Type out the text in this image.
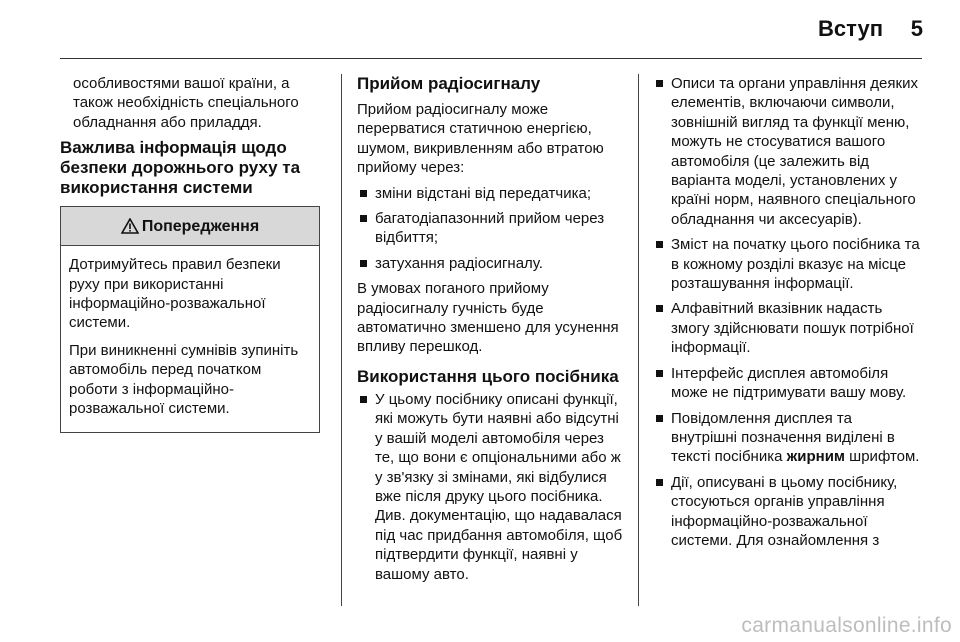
Вступ 5

особливостями вашої країни, а також необхідність спеціального обладнання або приладдя.

Важлива інформація щодо безпеки дорожнього руху та використання системи
Попередження

Дотримуйтесь правил безпеки руху при використанні інформаційно-розважальної системи.

При виникненні сумнівів зупиніть автомобіль перед початком роботи з інформаційно-розважальної системи.

Прийом радіосигналу

Прийом радіосигналу може перерватися статичною енергією, шумом, викривленням або втратою прийому через:

зміни відстані від передатчика;
багатодіапазонний прийом через відбиття;
затухання радіосигналу.

В умовах поганого прийому радіосигналу гучність буде автоматично зменшено для усунення впливу перешкод.

Використання цього посібника
У цьому посібнику описані функції, які можуть бути наявні або відсутні у вашій моделі автомобіля через те, що вони є опціональними або ж у зв'язку зі змінами, які відбулися вже після друку цього посібника. Див. документацію, що надавалася під час придбання автомобіля, щоб підтвердити функції, наявні у вашому авто.
Описи та органи управління деяких елементів, включаючи символи, зовнішній вигляд та функції меню, можуть не стосуватися вашого автомобіля (це залежить від варіанта моделі, установлених у країні норм, наявного спеціального обладнання чи аксесуарів).
Зміст на початку цього посібника та в кожному розділі вказує на місце розташування інформації.
Алфавітний вказівник надасть змогу здійснювати пошук потрібної інформації.
Інтерфейс дисплея автомобіля може не підтримувати вашу мову.
Повідомлення дисплея та внутрішні позначення виділені в тексті посібника жирним шрифтом.
Дії, описувані в цьому посібнику, стосуються органів управління інформаційно-розважальної системи. Для ознайомлення з
carmanualsonline.info
